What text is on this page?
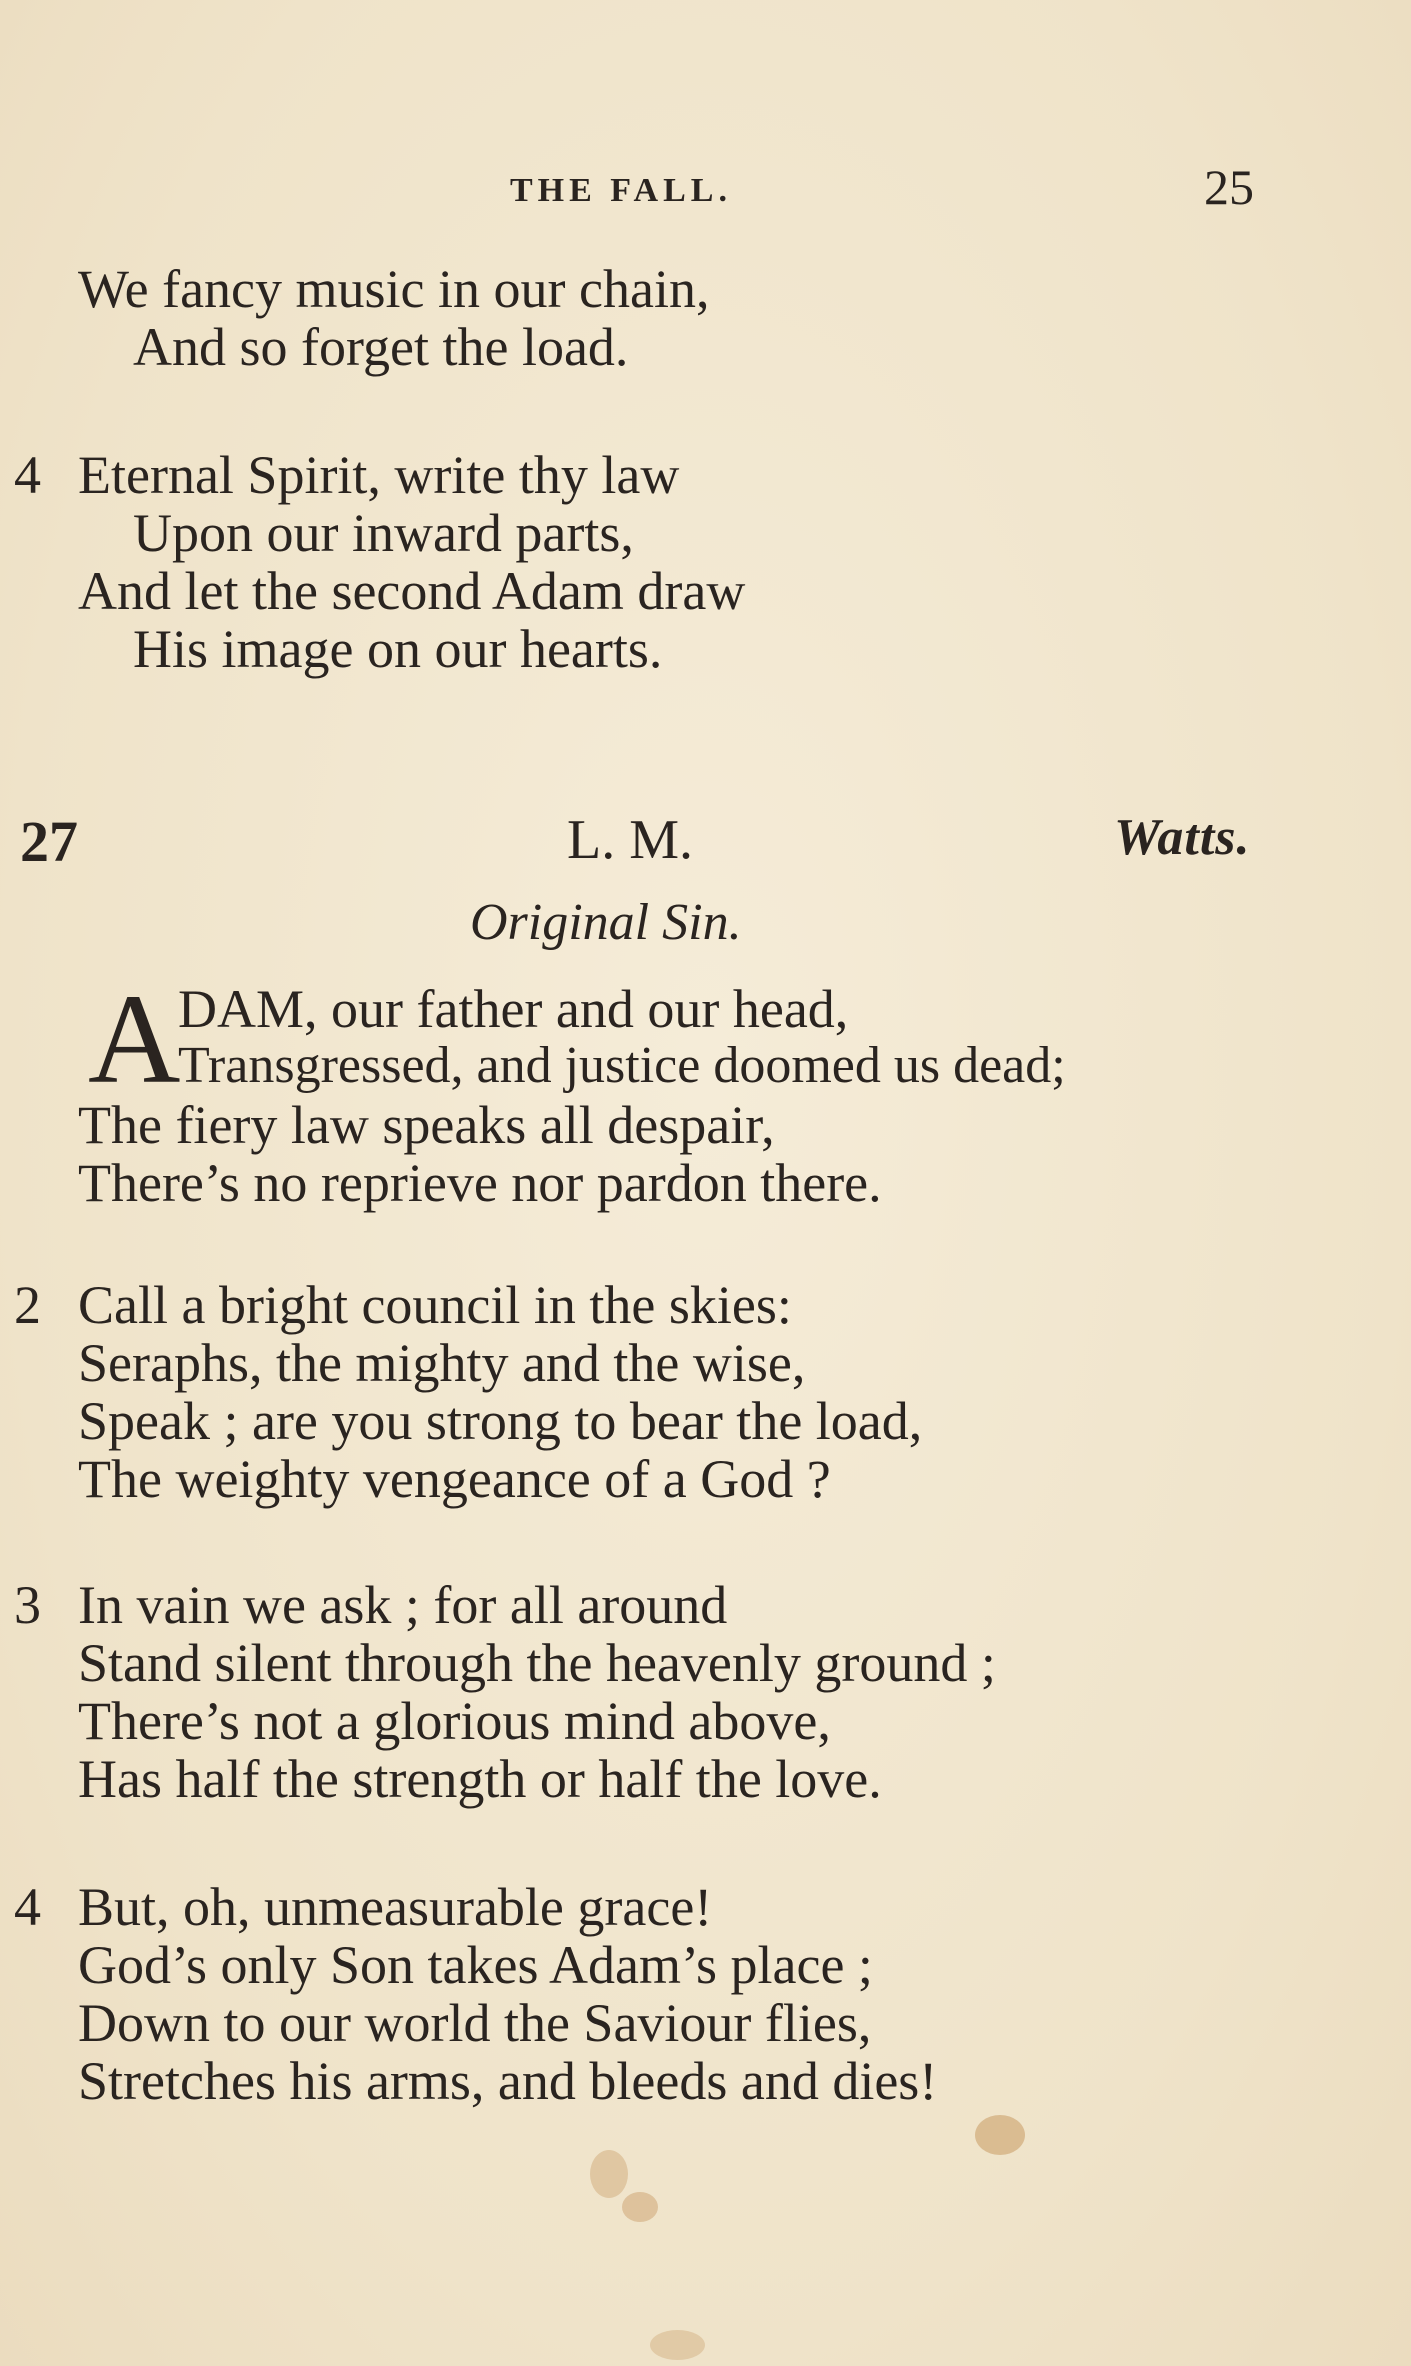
THE FALL.	25
We fancy music in our chain,
And so forget the load.
4 Eternal Spirit, write thy law
Upon our inward parts,
And let the second Adam draw
His image on our hearts.
27	L. M.	Watts.
Original Sin.
A
DAM, our father and our head,
Transgressed, and justice doomed us dead;
The fiery law speaks all despair,
There’s no reprieve nor pardon there.
2 Call a bright council in the skies:
Seraphs, the mighty and the wise,
Speak ; are you strong to bear the load,
The weighty vengeance of a God ?
3 In vain we ask ; for all around
Stand silent through the heavenly ground ;
There’s not a glorious mind above,
Has half the strength or half the love.
4 But, oh, unmeasurable grace!
God’s only Son takes Adam’s place ;
Down to our world the Saviour flies,
Stretches his arms, and bleeds and dies!
